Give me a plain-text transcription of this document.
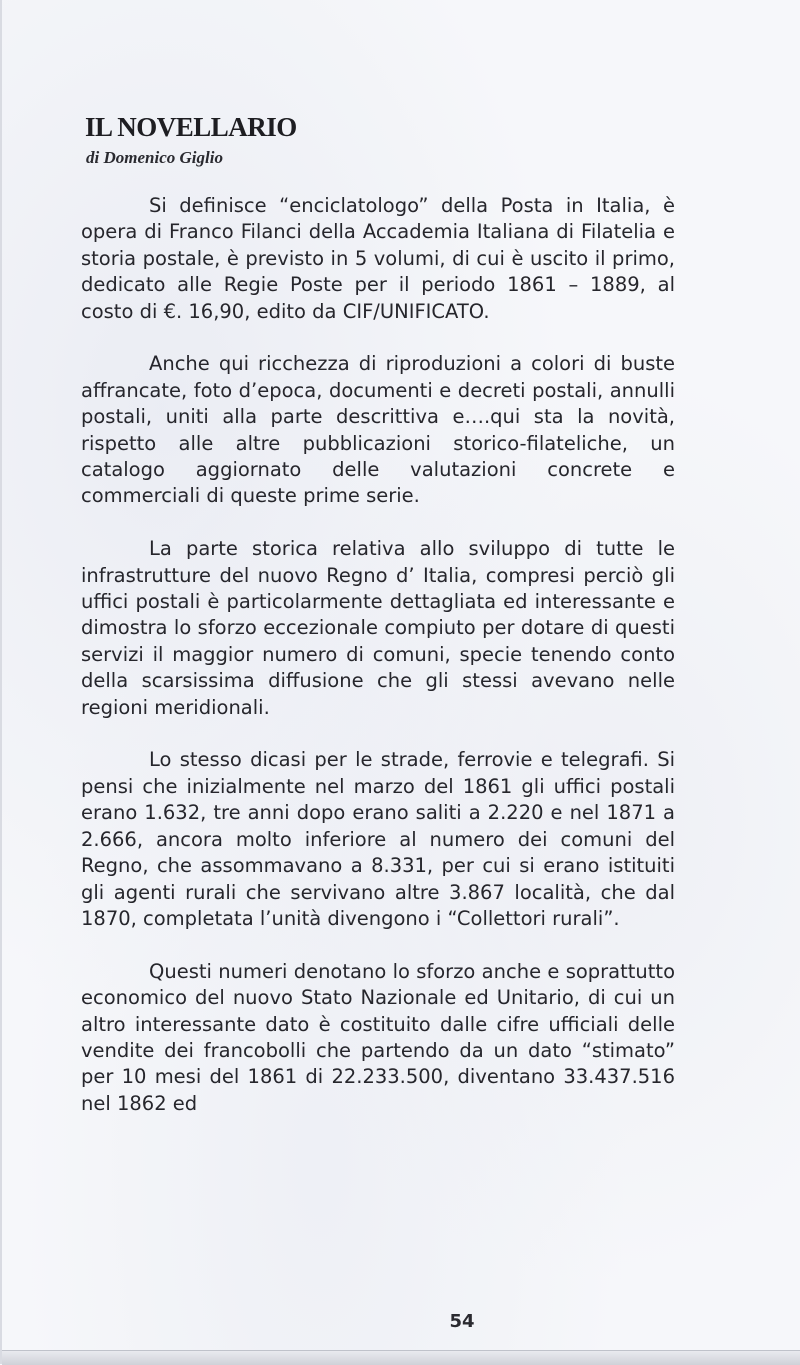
IL NOVELLARIO
di Domenico Giglio

Si definisce “enciclatologo” della Posta in Italia, è opera di Franco Filanci della Accademia Italiana di Filatelia e storia postale, è previsto in 5 volumi, di cui è uscito il primo, dedicato alle Regie Poste per il periodo 1861 – 1889, al costo di €. 16,90, edito da CIF/UNIFICATO.

Anche qui ricchezza di riproduzioni a colori di buste affrancate, foto d’epoca, documenti e decreti postali, annulli postali, uniti alla parte descrittiva e….qui sta la novità, rispetto alle altre pubblicazioni storico-filateliche, un catalogo aggiornato delle valutazioni concrete e commerciali di queste prime serie.

La parte storica relativa allo sviluppo di tutte le infrastrutture del nuovo Regno d’ Italia, compresi perciò gli uffici postali è particolarmente dettagliata ed interessante e dimostra lo sforzo eccezionale compiuto per dotare di questi servizi il maggior numero di comuni, specie tenendo conto della scarsissima diffusione che gli stessi avevano nelle regioni meridionali.

Lo stesso dicasi per le strade, ferrovie e telegrafi. Si pensi che inizialmente nel marzo del 1861 gli uffici postali erano 1.632, tre anni dopo erano saliti a 2.220 e nel 1871 a 2.666, ancora molto inferiore al numero dei comuni del Regno, che assommavano a 8.331, per cui si erano istituiti gli agenti rurali che servivano altre 3.867 località, che dal 1870, completata l’unità divengono i “Collettori rurali”.

Questi numeri denotano lo sforzo anche e soprattutto economico del nuovo Stato Nazionale ed Unitario, di cui un altro interessante dato è costituito dalle cifre ufficiali delle vendite dei francobolli che partendo da un dato “stimato” per 10 mesi del 1861 di 22.233.500, diventano 33.437.516 nel 1862 ed

54
